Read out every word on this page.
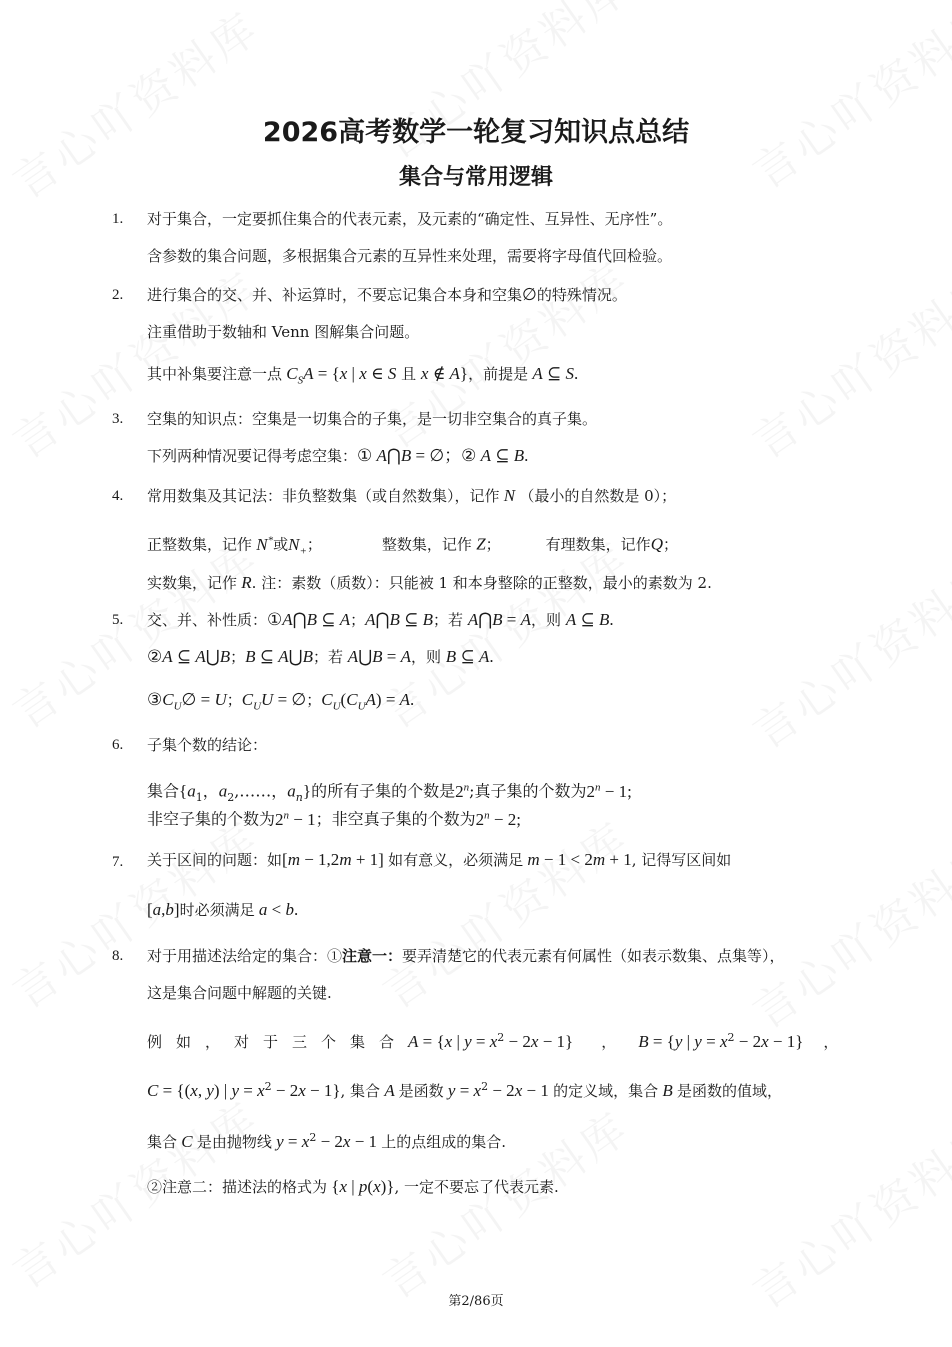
2026高考数学一轮复习知识点总结
集合与常用逻辑
1. 对于集合，一定要抓住集合的代表元素，及元素的“确定性、互异性、无序性”。
含参数的集合问题，多根据集合元素的互异性来处理，需要将字母值代回检验。
2. 进行集合的交、并、补运算时，不要忘记集合本身和空集∅的特殊情况。
注重借助于数轴和 Venn 图解集合问题。
其中补集要注意一点 $C_SA = \{x$ | x ∈ S 且 x ∉ A}，前提是 A ⊆ S.
3. 空集的知识点：空集是一切集合的子集，是一切非空集合的真子集。
下列两种情况要记得考虑空集：① A⋂B = ∅；② A ⊆ B.
4. 常用数集及其记法：非负整数集（或自然数集），记作 N （最小的自然数是 0）；
正整数集，记作 N*或$N_+$；	整数集，记作 Z；	有理数集，记作Q；
实数集，记作 R. 注：素数（质数）：只能被 1 和本身整除的正整数，最小的素数为 2.
5. 交、并、补性质：①A⋂B ⊆ A；A⋂B ⊆ B；若 A⋂B = A，则 A ⊆ B.
②A ⊆ A⋃B；B ⊆ A⋃B；若 A⋃B = A，则 B ⊆ A.
$③C_U\emptyset = U$；$C_UU$ = ∅；$C_U(C_UA) = A$.
6. 子集个数的结论：
集合{$a_1$，$a_2,\dots\dots$，$a_n$}的所有子集的个数是2$^n$;真子集的个数为$2^n - 1$;
非空子集的个数为$2^n - 1$；非空真子集的个数为$2^n - 2$;
7. 关于区间的问题：如[m − 1,2m + 1] 如有意义，必须满足 m − 1 < 2m + 1, 记得写区间如
[a,b]时必须满足 a < b.
8. 对于用描述法给定的集合：①注意一：要弄清楚它的代表元素有何属性（如表示数集、点集等），
这是集合问题中解题的关键.
例如，对于三个集合A = {x | $y = x^2 - 2x - 1$} ， B = {y | $y = x^2 - 2x - 1$} ，
C = {(x, y) | $y = x^2 - 2x - 1$}, 集合 A 是函数 $y = x^2 - 2x - 1$ 的定义域，集合 B 是函数的值域，
集合 C 是由抛物线 $y = x^2 - 2x - 1$ 上的点组成的集合.
②注意二：描述法的格式为 {x | p(x)}, 一定不要忘了代表元素.
第2/86页
